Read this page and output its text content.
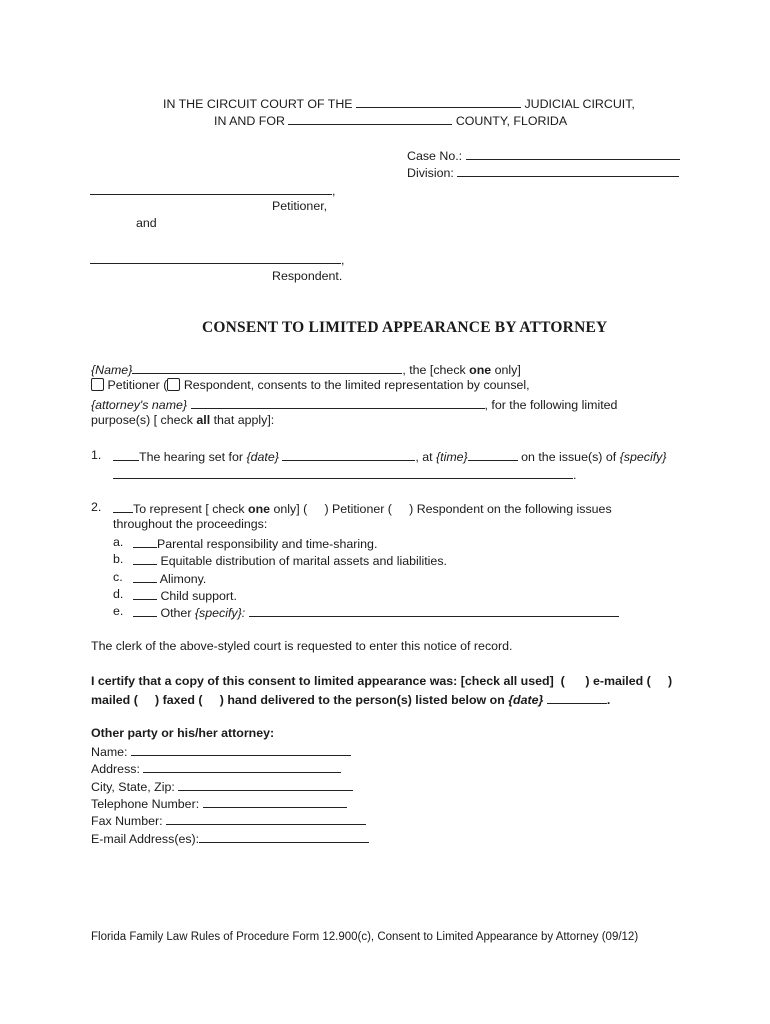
IN THE CIRCUIT COURT OF THE	JUDICIAL CIRCUIT,
IN AND FOR	COUNTY, FLORIDA
Case No.:
Division:
,
Petitioner,
and
,
Respondent.
CONSENT TO LIMITED APPEARANCE BY ATTORNEY
{Name}	, the [check one only]
Petitioner ( Respondent, consents to the limited representation by counsel,
{attorney's name}	, for the following limited
purpose(s) [ check all that apply]:
1.	The hearing set for {date}	, at {time}	on the issue(s) of {specify}
.
2.	To represent [ check one only] (     ) Petitioner (     ) Respondent on the following issues
throughout the proceedings:
a.	Parental responsibility and time-sharing.
b.	Equitable distribution of marital assets and liabilities.
c.	Alimony.
d.	Child support.
e.	Other {specify}:
The clerk of the above-styled court is requested to enter this notice of record.
I certify that a copy of this consent to limited appearance was: [check all used]  (      ) e-mailed (     )
mailed (     ) faxed (     ) hand delivered to the person(s) listed below on {date}	.
Other party or his/her attorney:
Name:
Address:
City, State, Zip:
Telephone Number:
Fax Number:
E-mail Address(es):
Florida Family Law Rules of Procedure Form 12.900(c), Consent to Limited Appearance by Attorney (09/12)
